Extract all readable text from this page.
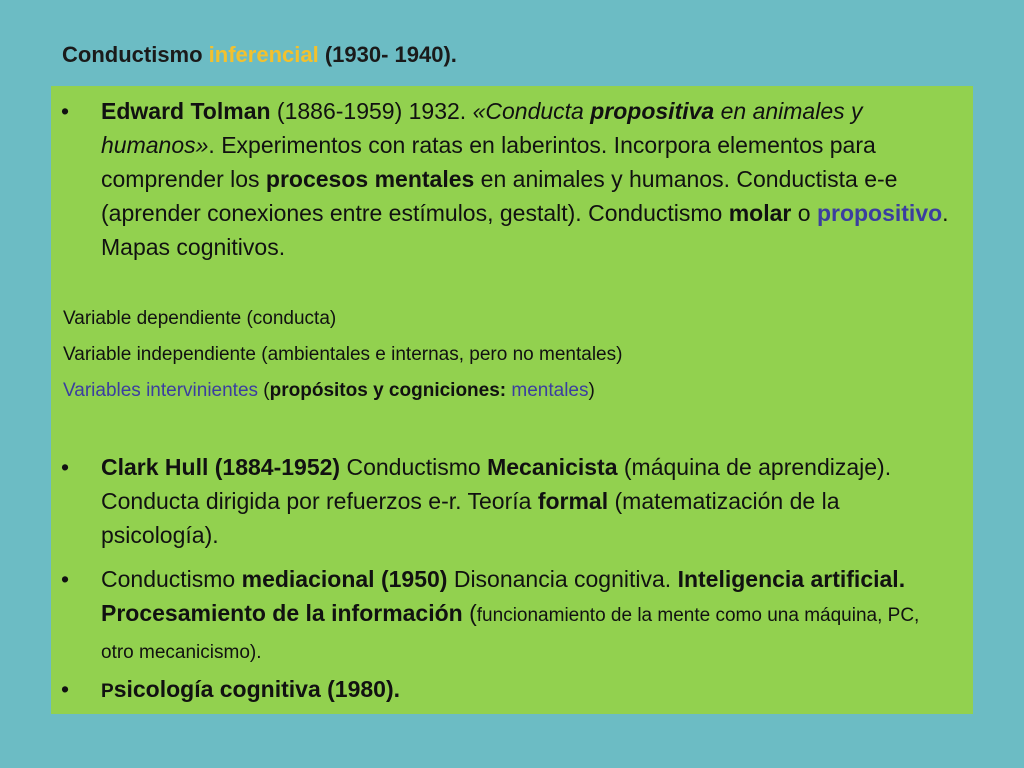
Conductismo inferencial (1930- 1940).
•	Edward Tolman (1886-1959) 1932. «Conducta propositiva en animales y humanos». Experimentos con ratas en laberintos. Incorpora elementos para comprender los procesos mentales en animales y humanos. Conductista e-e (aprender conexiones entre estímulos, gestalt). Conductismo molar o propositivo. Mapas cognitivos.
Variable dependiente (conducta)
Variable independiente (ambientales e internas, pero no mentales)
Variables intervinientes (propósitos y cogniciones: mentales)
•	Clark Hull (1884-1952) Conductismo Mecanicista (máquina de aprendizaje). Conducta dirigida por refuerzos e-r. Teoría formal (matematización de la psicología).
•	Conductismo mediacional (1950) Disonancia cognitiva. Inteligencia artificial. Procesamiento de la información (funcionamiento de la mente como una máquina, PC, otro mecanicismo).
•	Psicología cognitiva (1980).
